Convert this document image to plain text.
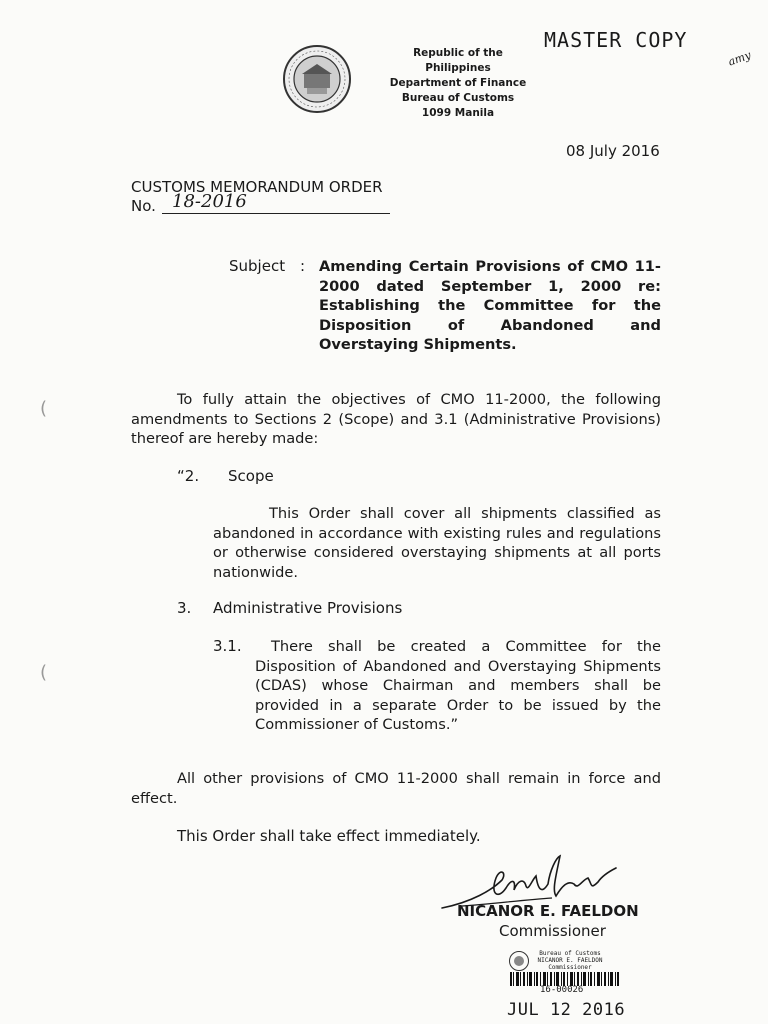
Republic of the Philippines
Department of Finance
Bureau of Customs
1099 Manila
MASTER COPY
amy
08 July 2016
CUSTOMS MEMORANDUM ORDER
No. 18-2016
Subject : Amending Certain Provisions of CMO 11-2000 dated September 1, 2000 re: Establishing the Committee for the Disposition of Abandoned and Overstaying Shipments.
To fully attain the objectives of CMO 11-2000, the following amendments to Sections 2 (Scope) and 3.1 (Administrative Provisions) thereof are hereby made:
“2. Scope
This Order shall cover all shipments classified as abandoned in accordance with existing rules and regulations or otherwise considered overstaying shipments at all ports nationwide.
3. Administrative Provisions
3.1.	There shall be created a Committee for the Disposition of Abandoned and Overstaying Shipments (CDAS) whose Chairman and members shall be provided in a separate Order to be issued by the Commissioner of Customs.”
All other provisions of CMO 11-2000 shall remain in force and effect.
This Order shall take effect immediately.
NICANOR E. FAELDON
Commissioner
Bureau of Customs
NICANOR E. FAELDON
Commissioner
16-00026
JUL 12 2016
(
(
